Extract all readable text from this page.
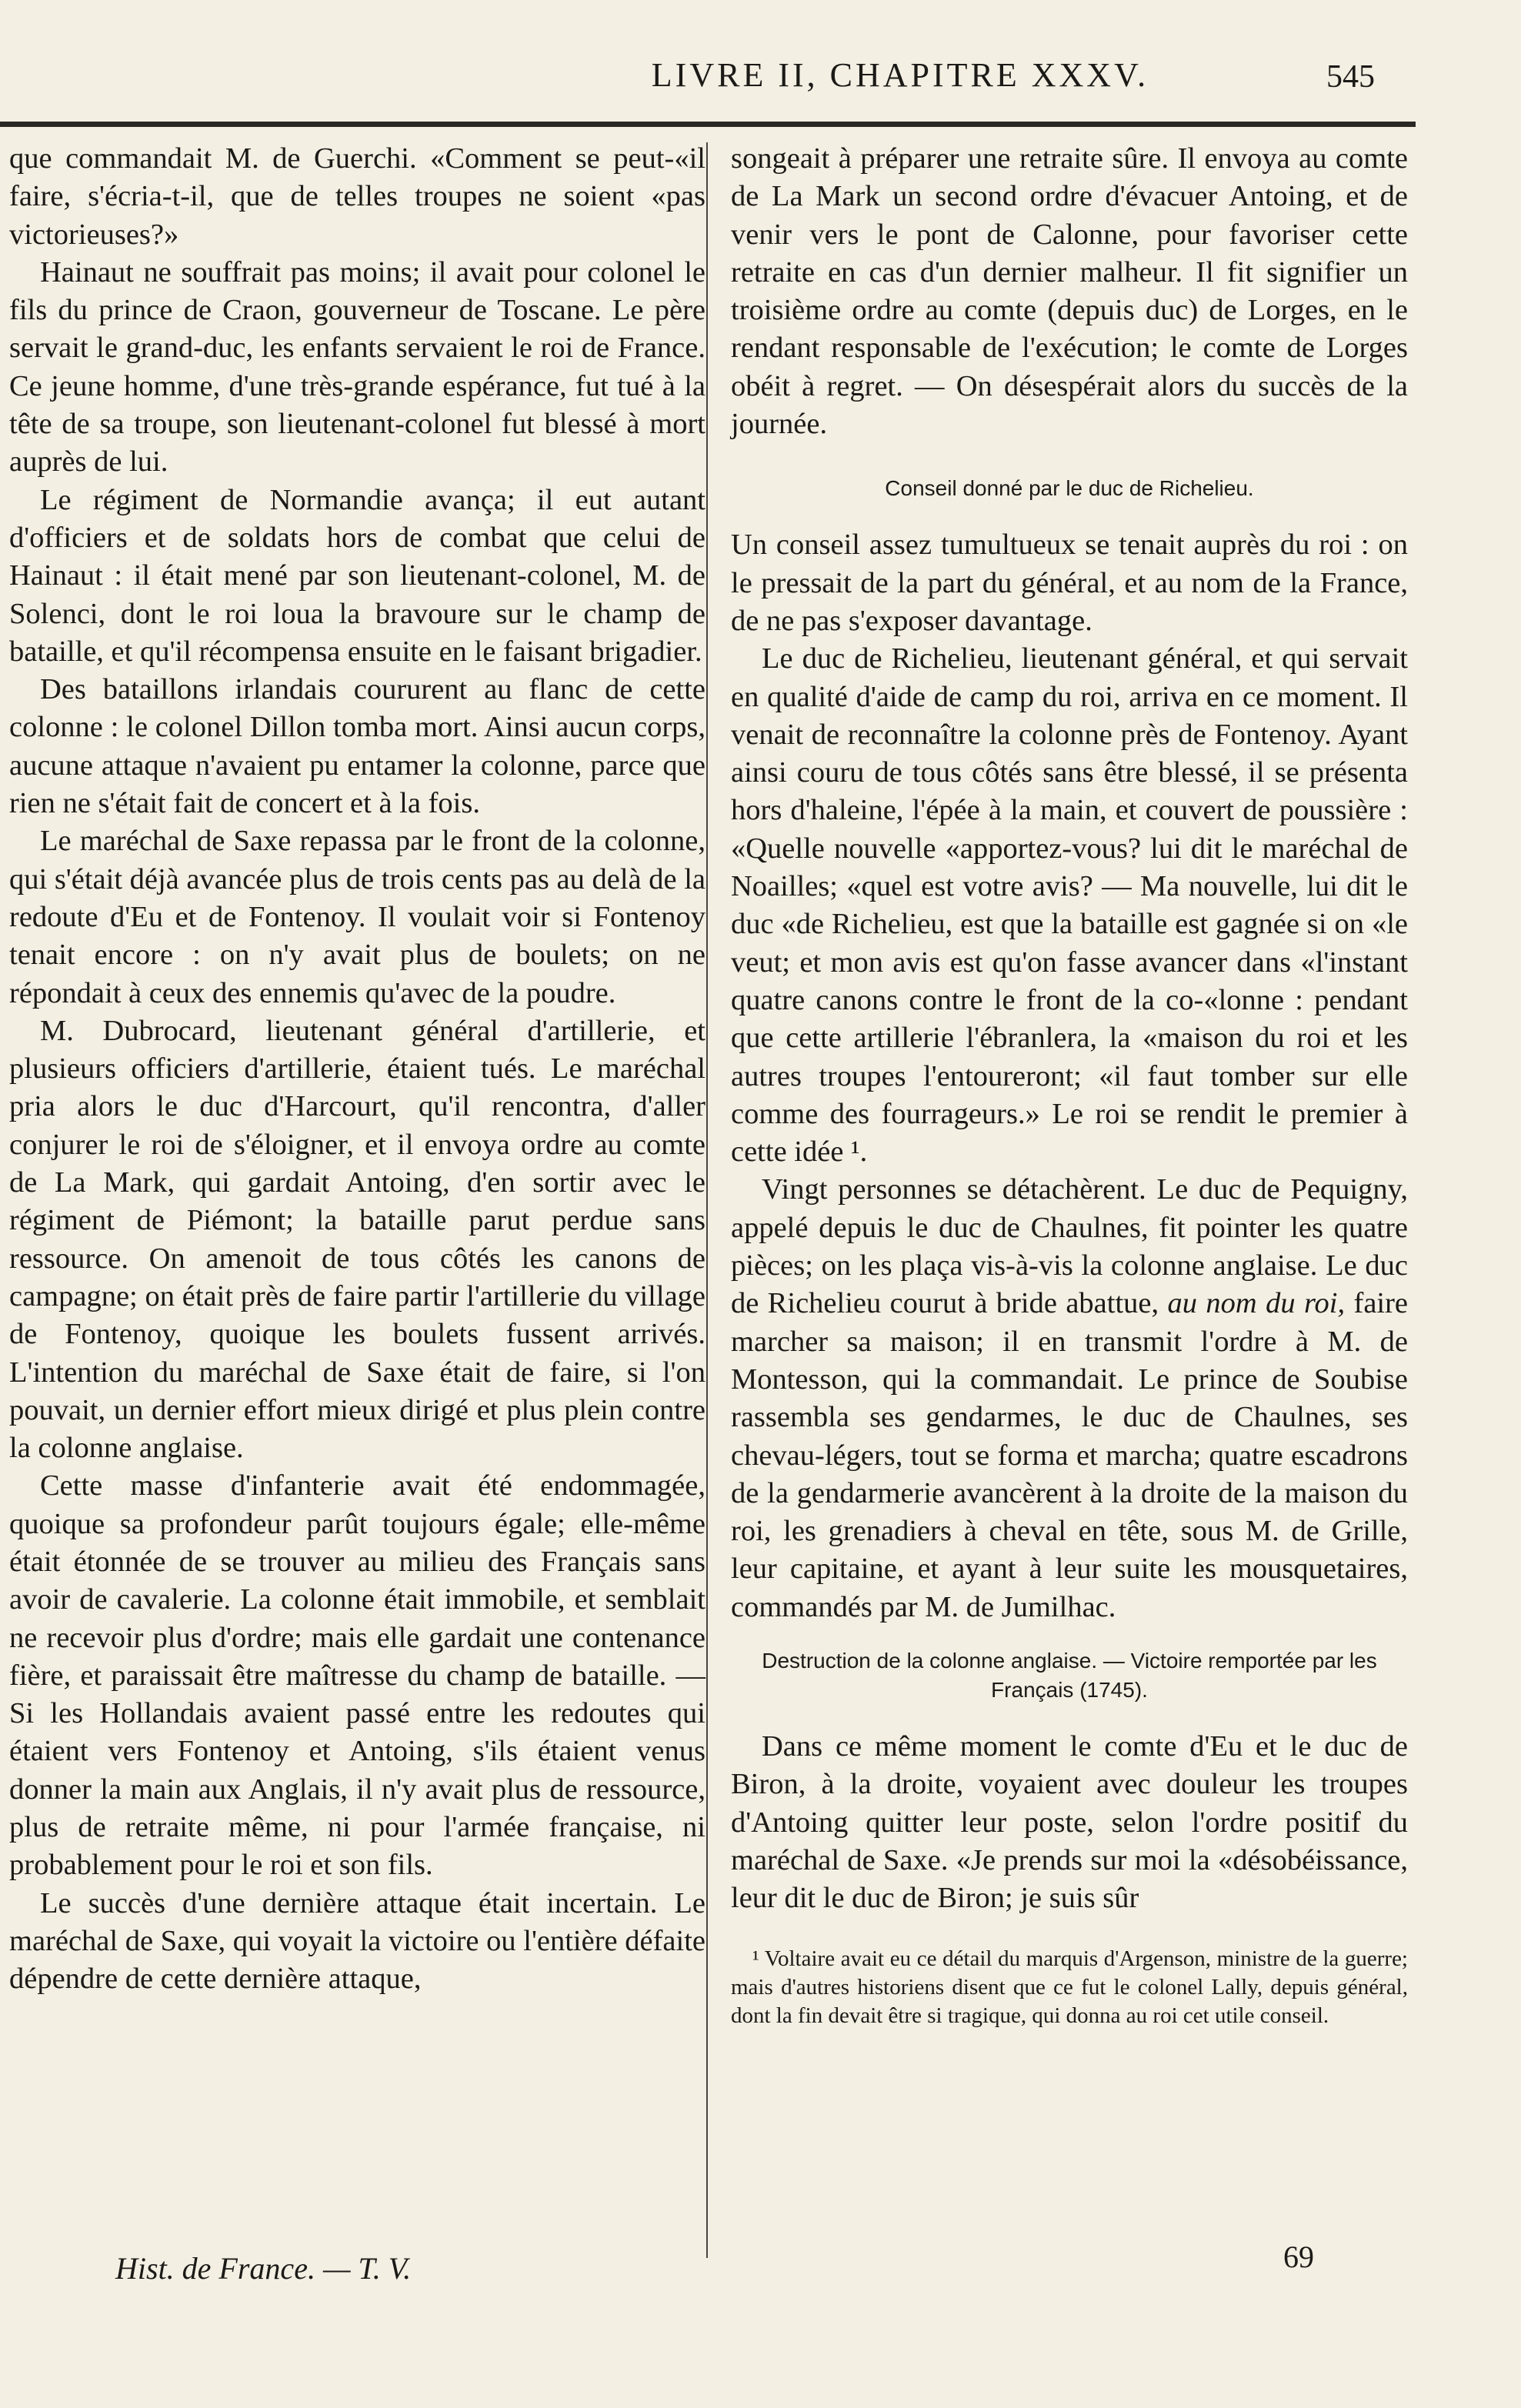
LIVRE II, CHAPITRE XXXV.	545

que commandait M. de Guerchi. «Comment se peut-«il faire, s'écria-t-il, que de telles troupes ne soient «pas victorieuses?»

Hainaut ne souffrait pas moins; il avait pour colonel le fils du prince de Craon, gouverneur de Toscane. Le père servait le grand-duc, les enfants servaient le roi de France. Ce jeune homme, d'une très-grande espérance, fut tué à la tête de sa troupe, son lieutenant-colonel fut blessé à mort auprès de lui.

Le régiment de Normandie avança; il eut autant d'officiers et de soldats hors de combat que celui de Hainaut : il était mené par son lieutenant-colonel, M. de Solenci, dont le roi loua la bravoure sur le champ de bataille, et qu'il récompensa ensuite en le faisant brigadier.

Des bataillons irlandais coururent au flanc de cette colonne : le colonel Dillon tomba mort. Ainsi aucun corps, aucune attaque n'avaient pu entamer la colonne, parce que rien ne s'était fait de concert et à la fois.

Le maréchal de Saxe repassa par le front de la colonne, qui s'était déjà avancée plus de trois cents pas au delà de la redoute d'Eu et de Fontenoy. Il voulait voir si Fontenoy tenait encore : on n'y avait plus de boulets; on ne répondait à ceux des ennemis qu'avec de la poudre.

M. Dubrocard, lieutenant général d'artillerie, et plusieurs officiers d'artillerie, étaient tués. Le maréchal pria alors le duc d'Harcourt, qu'il rencontra, d'aller conjurer le roi de s'éloigner, et il envoya ordre au comte de La Mark, qui gardait Antoing, d'en sortir avec le régiment de Piémont; la bataille parut perdue sans ressource. On amenoit de tous côtés les canons de campagne; on était près de faire partir l'artillerie du village de Fontenoy, quoique les boulets fussent arrivés. L'intention du maréchal de Saxe était de faire, si l'on pouvait, un dernier effort mieux dirigé et plus plein contre la colonne anglaise.

Cette masse d'infanterie avait été endommagée, quoique sa profondeur parût toujours égale; elle-même était étonnée de se trouver au milieu des Français sans avoir de cavalerie. La colonne était immobile, et semblait ne recevoir plus d'ordre; mais elle gardait une contenance fière, et paraissait être maîtresse du champ de bataille. — Si les Hollandais avaient passé entre les redoutes qui étaient vers Fontenoy et Antoing, s'ils étaient venus donner la main aux Anglais, il n'y avait plus de ressource, plus de retraite même, ni pour l'armée française, ni probablement pour le roi et son fils.

Le succès d'une dernière attaque était incertain. Le maréchal de Saxe, qui voyait la victoire ou l'entière défaite dépendre de cette dernière attaque,

songeait à préparer une retraite sûre. Il envoya au comte de La Mark un second ordre d'évacuer Antoing, et de venir vers le pont de Calonne, pour favoriser cette retraite en cas d'un dernier malheur. Il fit signifier un troisième ordre au comte (depuis duc) de Lorges, en le rendant responsable de l'exécution; le comte de Lorges obéit à regret. — On désespérait alors du succès de la journée.

Conseil donné par le duc de Richelieu.

Un conseil assez tumultueux se tenait auprès du roi : on le pressait de la part du général, et au nom de la France, de ne pas s'exposer davantage.

Le duc de Richelieu, lieutenant général, et qui servait en qualité d'aide de camp du roi, arriva en ce moment. Il venait de reconnaître la colonne près de Fontenoy. Ayant ainsi couru de tous côtés sans être blessé, il se présenta hors d'haleine, l'épée à la main, et couvert de poussière : «Quelle nouvelle «apportez-vous? lui dit le maréchal de Noailles; «quel est votre avis? — Ma nouvelle, lui dit le duc «de Richelieu, est que la bataille est gagnée si on «le veut; et mon avis est qu'on fasse avancer dans «l'instant quatre canons contre le front de la co-«lonne : pendant que cette artillerie l'ébranlera, la «maison du roi et les autres troupes l'entoureront; «il faut tomber sur elle comme des fourrageurs.» Le roi se rendit le premier à cette idée ¹.

Vingt personnes se détachèrent. Le duc de Pequigny, appelé depuis le duc de Chaulnes, fit pointer les quatre pièces; on les plaça vis-à-vis la colonne anglaise. Le duc de Richelieu courut à bride abattue, au nom du roi, faire marcher sa maison; il en transmit l'ordre à M. de Montesson, qui la commandait. Le prince de Soubise rassembla ses gendarmes, le duc de Chaulnes, ses chevau-légers, tout se forma et marcha; quatre escadrons de la gendarmerie avancèrent à la droite de la maison du roi, les grenadiers à cheval en tête, sous M. de Grille, leur capitaine, et ayant à leur suite les mousquetaires, commandés par M. de Jumilhac.

Destruction de la colonne anglaise. — Victoire remportée par les Français (1745).

Dans ce même moment le comte d'Eu et le duc de Biron, à la droite, voyaient avec douleur les troupes d'Antoing quitter leur poste, selon l'ordre positif du maréchal de Saxe. «Je prends sur moi la «désobéissance, leur dit le duc de Biron; je suis sûr

¹ Voltaire avait eu ce détail du marquis d'Argenson, ministre de la guerre; mais d'autres historiens disent que ce fut le colonel Lally, depuis général, dont la fin devait être si tragique, qui donna au roi cet utile conseil.

Hist. de France. — T. V.	69
